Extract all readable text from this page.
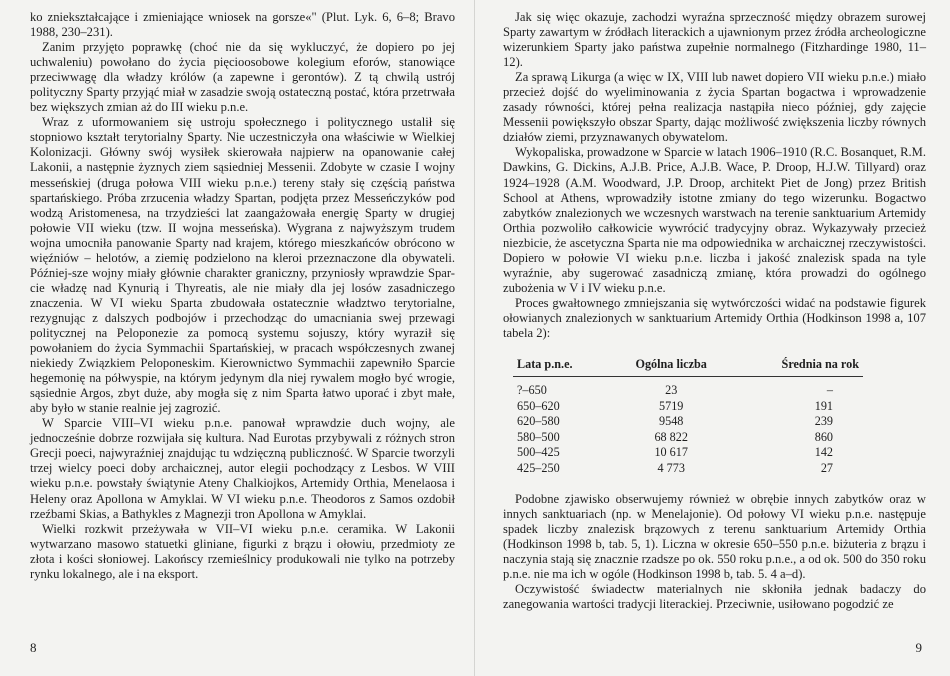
ko zniekształcające i zmieniające wniosek na gorsze«" (Plut. Lyk. 6, 6–8; Bravo 1988, 230–231).

Zanim przyjęto poprawkę (choć nie da się wykluczyć, że dopiero po jej uchwaleniu) powołano do życia pięcioosobowe kolegium eforów, stanowiące przeciwwagę dla władzy królów (a zapewne i gerontów). Z tą chwilą ustrój polityczny Sparty przyjąć miał w zasadzie swoją ostateczną postać, która przetrwała bez większych zmian aż do III wieku p.n.e.

Wraz z uformowaniem się ustroju społecznego i politycznego ustalił się stopniowo kształt terytorialny Sparty. Nie uczestniczyła ona właściwie w Wielkiej Kolonizacji. Główny swój wysiłek skierowała najpierw na opanowanie całej Lakonii, a następnie żyznych ziem sąsiedniej Messenii. Zdobyte w czasie I wojny messeńskiej (druga połowa VIII wieku p.n.e.) tereny stały się częścią państwa spartańskiego. Próba zrzucenia władzy Spartan, podjęta przez Messeńczyków pod wodzą Aristomenesa, na trzydzieści lat zaangażowała energię Sparty w drugiej połowie VII wieku (tzw. II wojna messeńska). Wygrana z najwyższym trudem wojna umocniła panowanie Sparty nad krajem, którego mieszkańców obrócono w więźniów – helotów, a ziemię podzielono na kleroi przeznaczone dla obywateli. Później-sze wojny miały głównie charakter graniczny, przyniosły wprawdzie Spar-cie władzę nad Kynurią i Thyreatis, ale nie miały dla jej losów zasadniczego znaczenia. W VI wieku Sparta zbudowała ostatecznie władztwo terytorialne, rezygnując z dalszych podbojów i przechodząc do umacniania swej przewagi politycznej na Peloponezie za pomocą systemu sojuszy, który wyraził się powołaniem do życia Symmachii Spartańskiej, w pracach współczesnych zwanej niekiedy Związkiem Peloponeskim. Kierownictwo Symmachii zapewniło Sparcie hegemonię na półwyspie, na którym jedynym dla niej rywalem mogło być wrogie, sąsiednie Argos, zbyt duże, aby mogła się z nim Sparta łatwo uporać i zbyt małe, aby było w stanie realnie jej zagrozić.

W Sparcie VIII–VI wieku p.n.e. panował wprawdzie duch wojny, ale jednocześnie dobrze rozwijała się kultura. Nad Eurotas przybywali z różnych stron Grecji poeci, najwyraźniej znajdując tu wdzięczną publiczność. W Sparcie tworzyli trzej wielcy poeci doby archaicznej, autor elegii pochodzący z Lesbos. W VIII wieku p.n.e. powstały świątynie Ateny Chalkiojkos, Artemidy Orthia, Menelaosa i Heleny oraz Apollona w Amyklai. W VI wieku p.n.e. Theodoros z Samos ozdobił rzeźbami Skias, a Bathykles z Magnezji tron Apollona w Amyklai.

Wielki rozkwit przeżywała w VII–VI wieku p.n.e. ceramika. W Lakonii wytwarzano masowo statuetki gliniane, figurki z brązu i ołowiu, przedmioty ze złota i kości słoniowej. Lakońscy rzemieślnicy produkowali nie tylko na potrzeby rynku lokalnego, ale i na eksport.

8

Jak się więc okazuje, zachodzi wyraźna sprzeczność między obrazem surowej Sparty zawartym w źródłach literackich a ujawnionym przez źródła archeologiczne wizerunkiem Sparty jako państwa zupełnie normalnego (Fitzhardinge 1980, 11–12).

Za sprawą Likurga (a więc w IX, VIII lub nawet dopiero VII wieku p.n.e.) miało przecież dojść do wyeliminowania z życia Spartan bogactwa i wprowadzenie zasady równości, której pełna realizacja nastąpiła nieco później, gdy zajęcie Messenii powiększyło obszar Sparty, dając możliwość zwiększenia liczby równych działów ziemi, przyznawanych obywatelom.

Wykopaliska, prowadzone w Sparcie w latach 1906–1910 (R.C. Bosanquet, R.M. Dawkins, G. Dickins, A.J.B. Price, A.J.B. Wace, P. Droop, H.J.W. Tillyard) oraz 1924–1928 (A.M. Woodward, J.P. Droop, architekt Piet de Jong) przez British School at Athens, wprowadziły istotne zmiany do tego wizerunku. Bogactwo zabytków znalezionych we wczesnych warstwach na terenie sanktuarium Artemidy Orthia pozwoliło całkowicie wywrócić tradycyjny obraz. Wykazywały przecież niezbicie, że ascetyczna Sparta nie ma odpowiednika w archaicznej rzeczywistości. Dopiero w połowie VI wieku p.n.e. liczba i jakość znalezisk spada na tyle wyraźnie, aby sugerować zasadniczą zmianę, która prowadzi do ogólnego zubożenia w V i IV wieku p.n.e.

Proces gwałtownego zmniejszania się wytwórczości widać na podstawie figurek ołowianych znalezionych w sanktuarium Artemidy Orthia (Hodkinson 1998 a, 107 tabela 2):

Lata p.n.e.	Ogólna liczba	Średnia na rok
?–650	23	–
650–620	5719	191
620–580	9548	239
580–500	68 822	860
500–425	10 617	142
425–250	4 773	27

Podobne zjawisko obserwujemy również w obrębie innych zabytków oraz w innych sanktuariach (np. w Menelajonie). Od połowy VI wieku p.n.e. następuje spadek liczby znalezisk brązowych z terenu sanktuarium Artemidy Orthia (Hodkinson 1998 b, tab. 5, 1). Liczna w okresie 650–550 p.n.e. biżuteria z brązu i naczynia stają się znacznie rzadsze po ok. 550 roku p.n.e., a od ok. 500 do 350 roku p.n.e. nie ma ich w ogóle (Hodkinson 1998 b, tab. 5. 4 a–d).

Oczywistość świadectw materialnych nie skłoniła jednak badaczy do zanegowania wartości tradycji literackiej. Przeciwnie, usiłowano pogodzić ze

9
